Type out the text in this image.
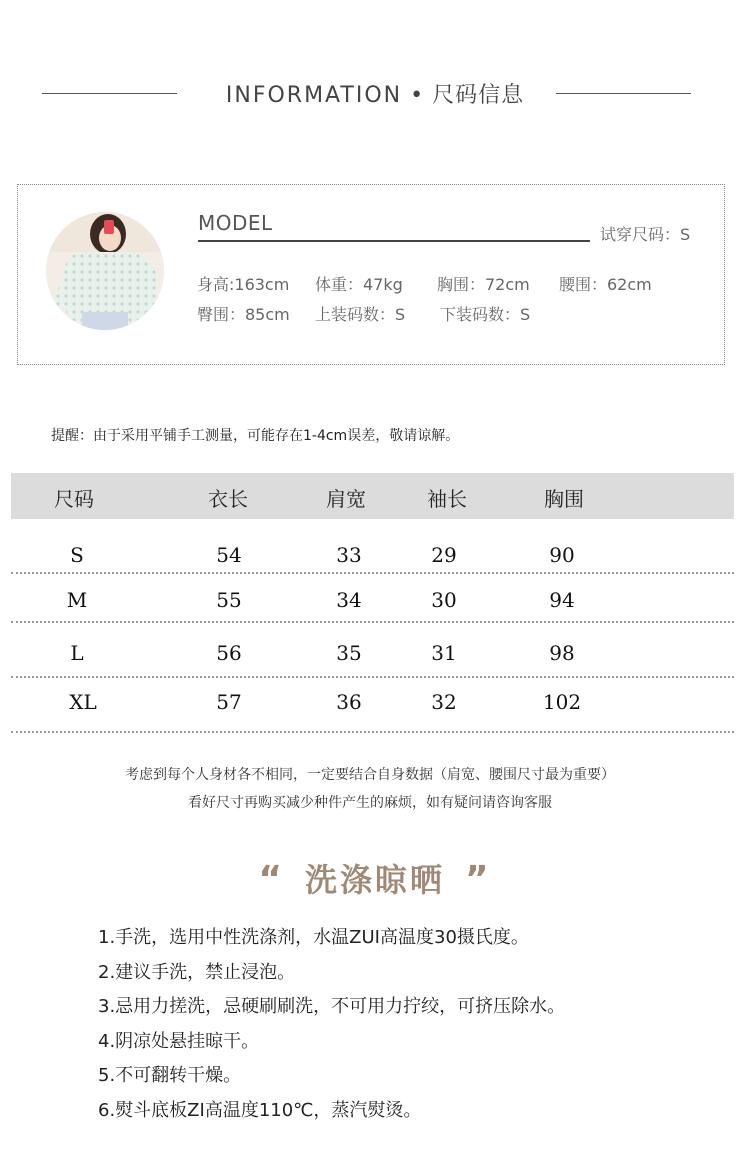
INFORMATION • 尺码信息
MODEL	试穿尺码：S
身高:163cm 体重：47kg 胸围：72cm 腰围：62cm
臀围：85cm 上装码数：S 下装码数：S
提醒：由于采用平铺手工测量，可能存在1-4cm误差，敬请谅解。
尺码	衣长	肩宽	袖长	胸围
S	54	33	29	90
M	55	34	30	94
L	56	35	31	98
XL	57	36	32	102
考虑到每个人身材各不相同，一定要结合自身数据（肩宽、腰围尺寸最为重要）
看好尺寸再购买减少种件产生的麻烦，如有疑问请咨询客服
“ 洗涤晾晒 ”
1.手洗，选用中性洗涤剂，水温ZUI高温度30摄氏度。
2.建议手洗，禁止浸泡。
3.忌用力搓洗，忌硬刷刷洗，不可用力拧绞，可挤压除水。
4.阴凉处悬挂晾干。
5.不可翻转干燥。
6.熨斗底板ZI高温度110℃，蒸汽熨烫。
